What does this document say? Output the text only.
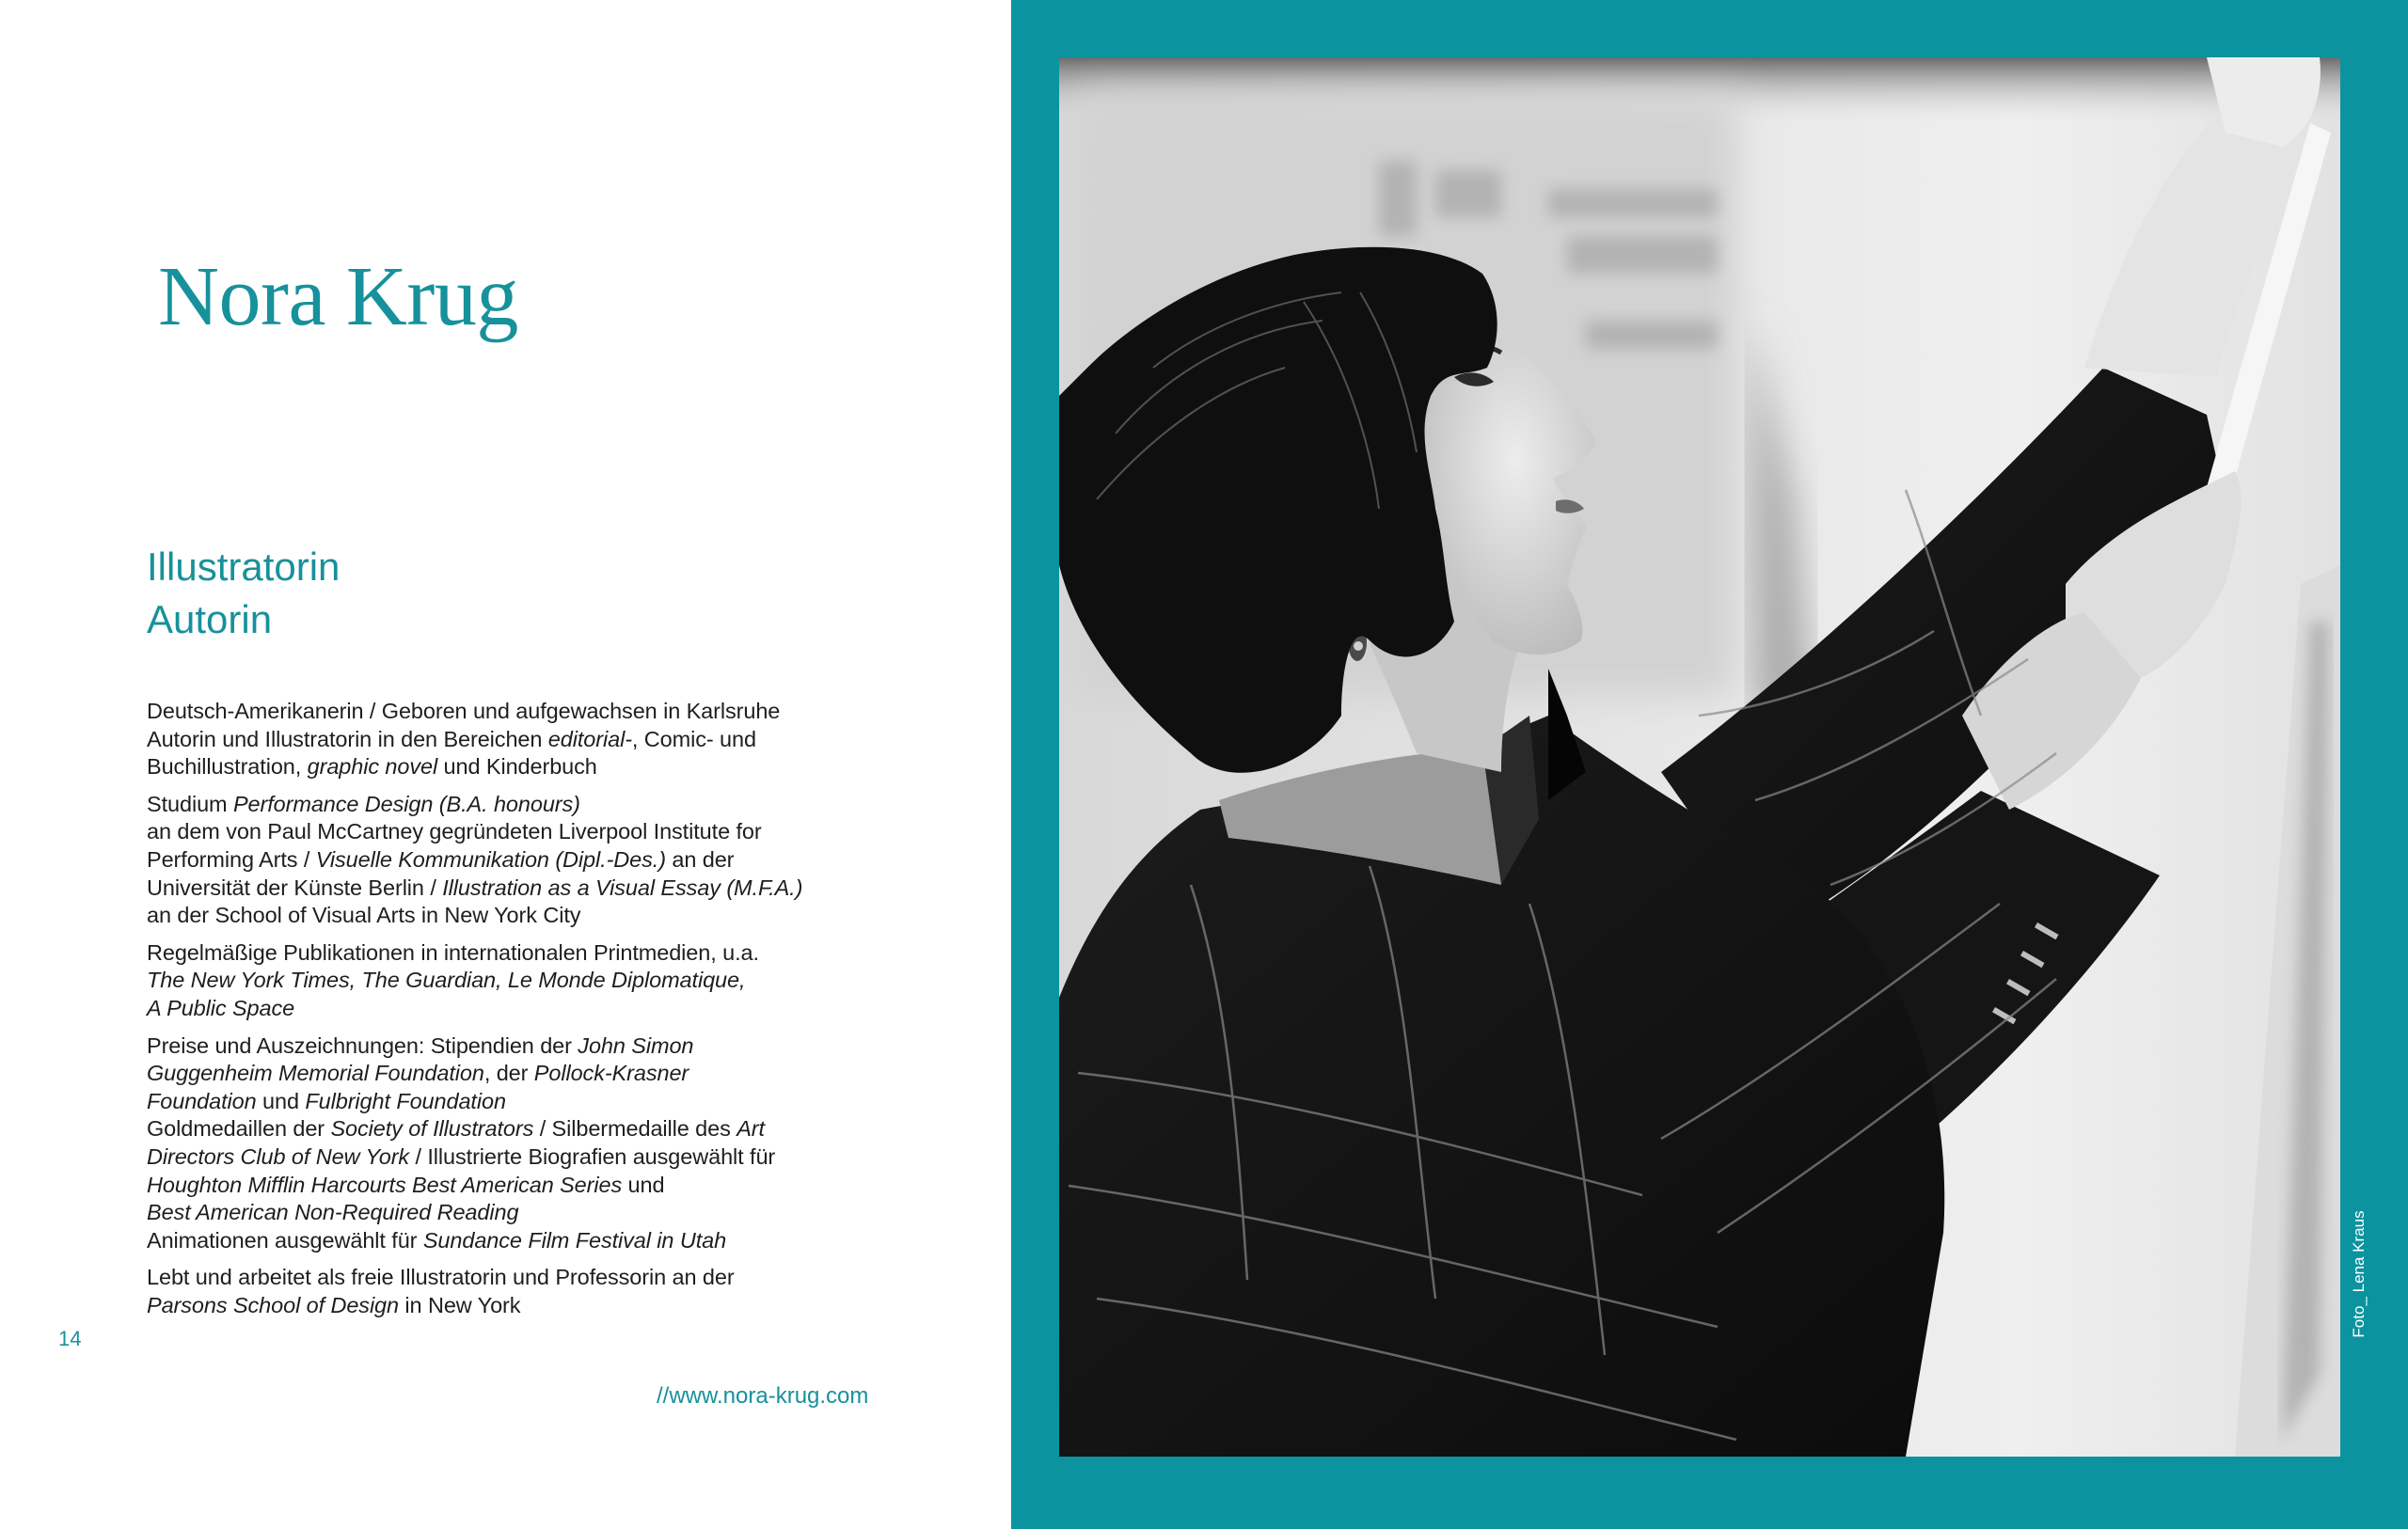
Nora Krug
Illustratorin
Autorin

Deutsch-Amerikanerin / Geboren und aufgewachsen in Karlsruhe
Autorin und Illustratorin in den Bereichen editorial-, Comic- und
Buchillustration, graphic novel und Kinderbuch

Studium Performance Design (B.A. honours)
an dem von Paul McCartney gegründeten Liverpool Institute for
Performing Arts / Visuelle Kommunikation (Dipl.-Des.) an der
Universität der Künste Berlin / Illustration as a Visual Essay (M.F.A.)
an der School of Visual Arts in New York City

Regelmäßige Publikationen in internationalen Printmedien, u.a.
The New York Times, The Guardian, Le Monde Diplomatique,
A Public Space

Preise und Auszeichnungen: Stipendien der John Simon
Guggenheim Memorial Foundation, der Pollock-Krasner
Foundation und Fulbright Foundation
Goldmedaillen der Society of Illustrators / Silbermedaille des Art
Directors Club of New York / Illustrierte Biografien ausgewählt für
Houghton Mifflin Harcourts Best American Series und
Best American Non-Required Reading
Animationen ausgewählt für Sundance Film Festival in Utah

Lebt und arbeitet als freie Illustratorin und Professorin an der
Parsons School of Design in New York

14
//www.nora-krug.com
Foto_ Lena Kraus
